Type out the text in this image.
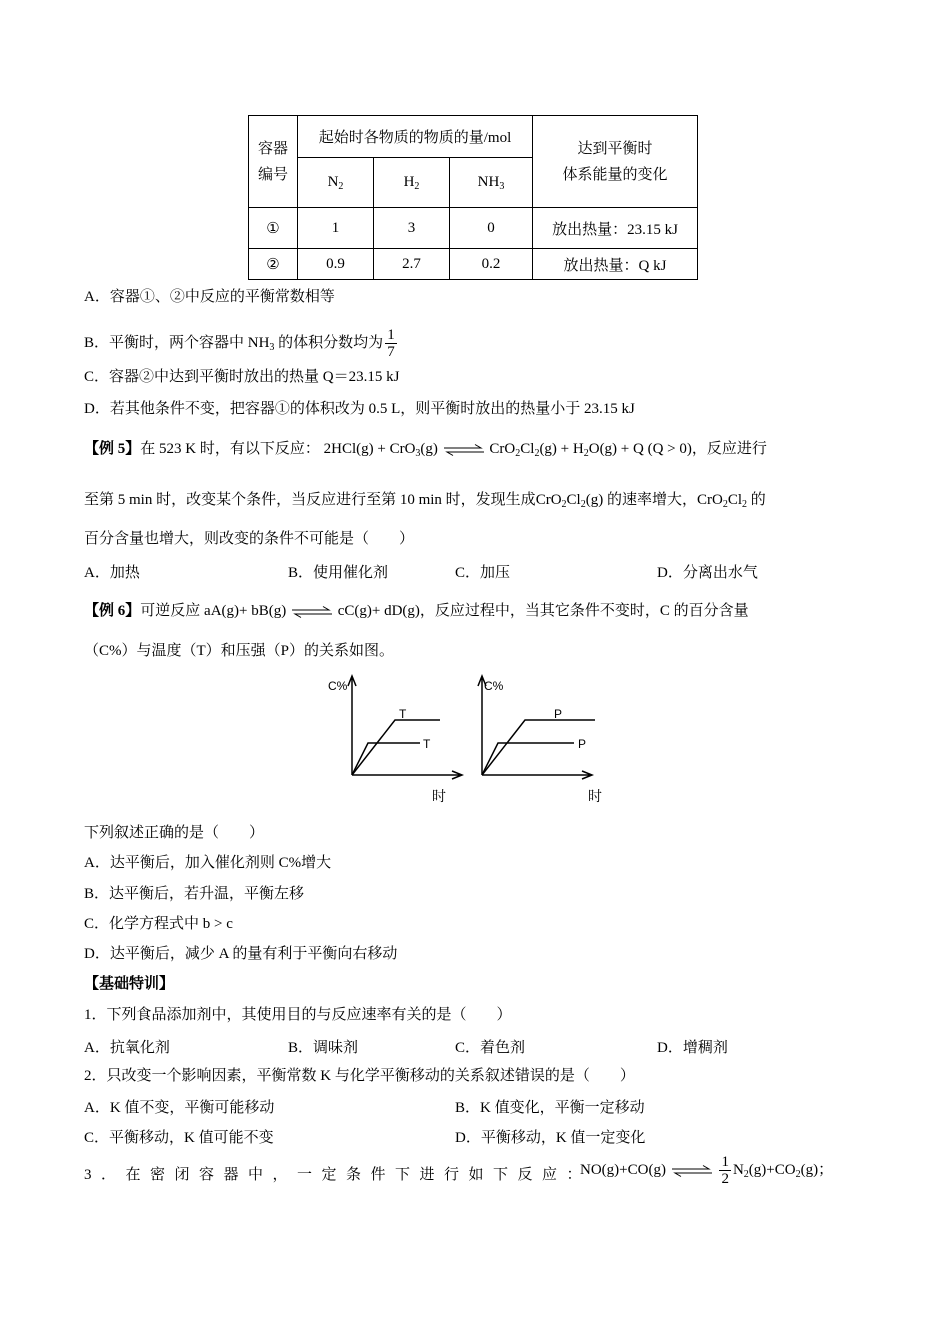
容器
编号	起始时各物质的物质的量/mol			达到平衡时
体系能量的变化
	$N_2$	$H_2$	$NH_3$
①	1	3	0	放出热量：23.15 kJ
②	0.9	2.7	0.2	放出热量：Q kJ
A．容器①、②中反应的平衡常数相等
B．平衡时，两个容器中 $NH_3$ 的体积分数均为 $\frac{1}{7}$
C．容器②中达到平衡时放出的热量 Q＝23.15 kJ
D．若其他条件不变，把容器①的体积改为 0.5 L，则平衡时放出的热量小于 23.15 kJ
【例 5】在 523 K 时，有以下反应： 2HCl(g) + CrO$_3$(g) ⇌ $CrO_2Cl_2(g) + H_2O(g) + Q$ (Q > 0)，反应进行
至第 5 min 时，改变某个条件，当反应进行至第 10 min 时，发现生成$CrO_2Cl_2(g)$ 的速率增大，$CrO_2Cl_2$ 的
百分含量也增大，则改变的条件不可能是（　　）
A．加热	B．使用催化剂	C．加压	D．分离出水气
【例 6】可逆反应 aA(g)+ bB(g) ⇌ cC(g)+ dD(g)，反应过程中，当其它条件不变时，C 的百分含量
（C%）与温度（T）和压强（P）的关系如图。
C%
T
T
时
C%
P
P
时
下列叙述正确的是（　　）
A．达平衡后，加入催化剂则 C%增大
B．达平衡后，若升温，平衡左移
C．化学方程式中 b > c
D．达平衡后，减少 A 的量有利于平衡向右移动
【基础特训】
1．下列食品添加剂中，其使用目的与反应速率有关的是（　　）
A．抗氧化剂	B．调味剂	C．着色剂	D．增稠剂
2．只改变一个影响因素，平衡常数 K 与化学平衡移动的关系叙述错误的是（　　）
A．K 值不变，平衡可能移动	B．K 值变化，平衡一定移动
C．平衡移动，K 值可能不变	D．平衡移动，K 值一定变化
3．在密闭容器中，一定条件下进行如下反应：
NO(g)+CO(g) ⇌ $\frac{1}{2} N_2(g)+CO_2(g)$；
